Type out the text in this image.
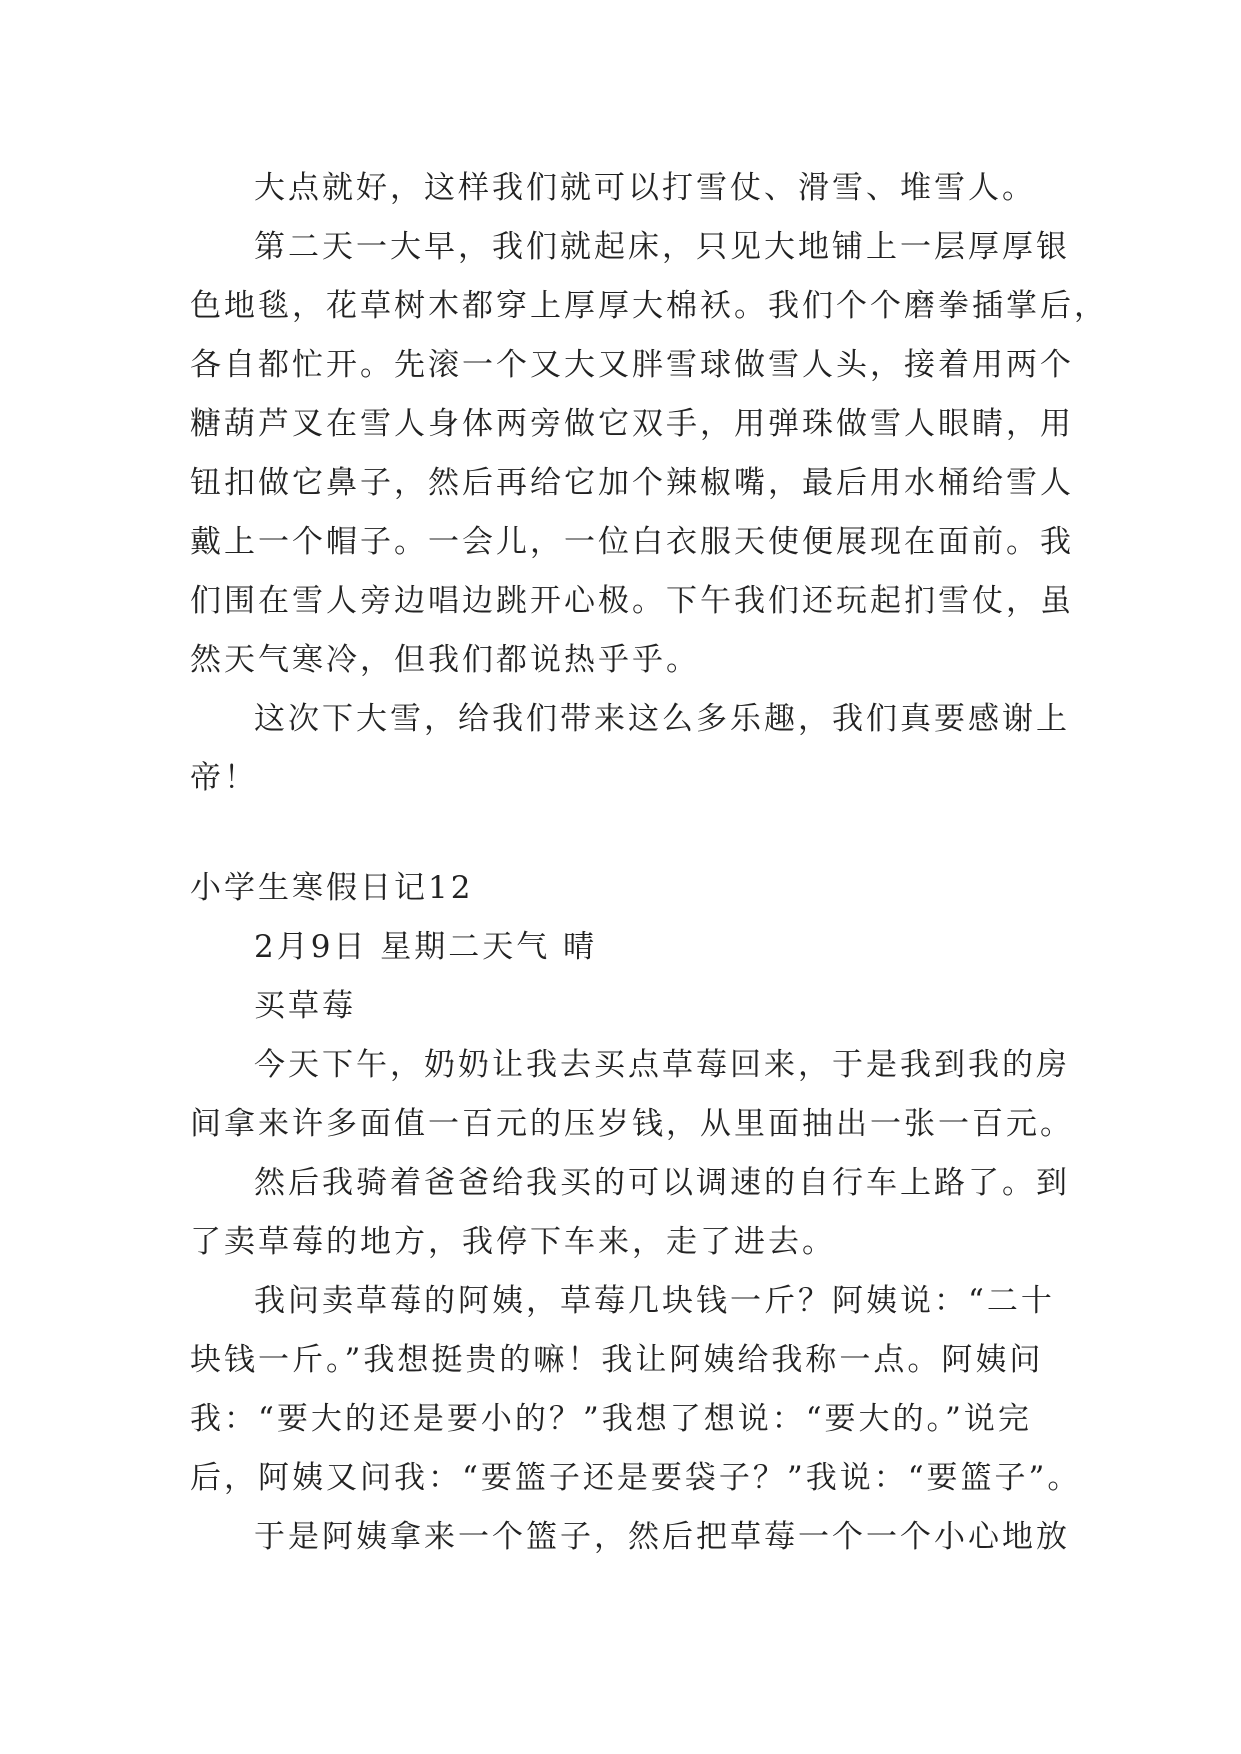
大点就好，这样我们就可以打雪仗、滑雪、堆雪人。
第二天一大早，我们就起床，只见大地铺上一层厚厚银
色地毯，花草树木都穿上厚厚大棉袄。我们个个磨拳插掌后，
各自都忙开。先滚一个又大又胖雪球做雪人头，接着用两个
糖葫芦叉在雪人身体两旁做它双手，用弹珠做雪人眼睛，用
钮扣做它鼻子，然后再给它加个辣椒嘴，最后用水桶给雪人
戴上一个帽子。一会儿，一位白衣服天使便展现在面前。我
们围在雪人旁边唱边跳开心极。下午我们还玩起扪雪仗，虽
然天气寒冷，但我们都说热乎乎。
这次下大雪，给我们带来这么多乐趣，我们真要感谢上
帝！
小学生寒假日记12
2月9日 星期二天气 晴
买草莓
今天下午，奶奶让我去买点草莓回来，于是我到我的房
间拿来许多面值一百元的压岁钱，从里面抽出一张一百元。
然后我骑着爸爸给我买的可以调速的自行车上路了。到
了卖草莓的地方，我停下车来，走了进去。
我问卖草莓的阿姨，草莓几块钱一斤？阿姨说：“二十
块钱一斤。”我想挺贵的嘛！我让阿姨给我称一点。阿姨问
我：“要大的还是要小的？”我想了想说：“要大的。”说完
后，阿姨又问我：“要篮子还是要袋子？”我说：“要篮子”。
于是阿姨拿来一个篮子，然后把草莓一个一个小心地放
